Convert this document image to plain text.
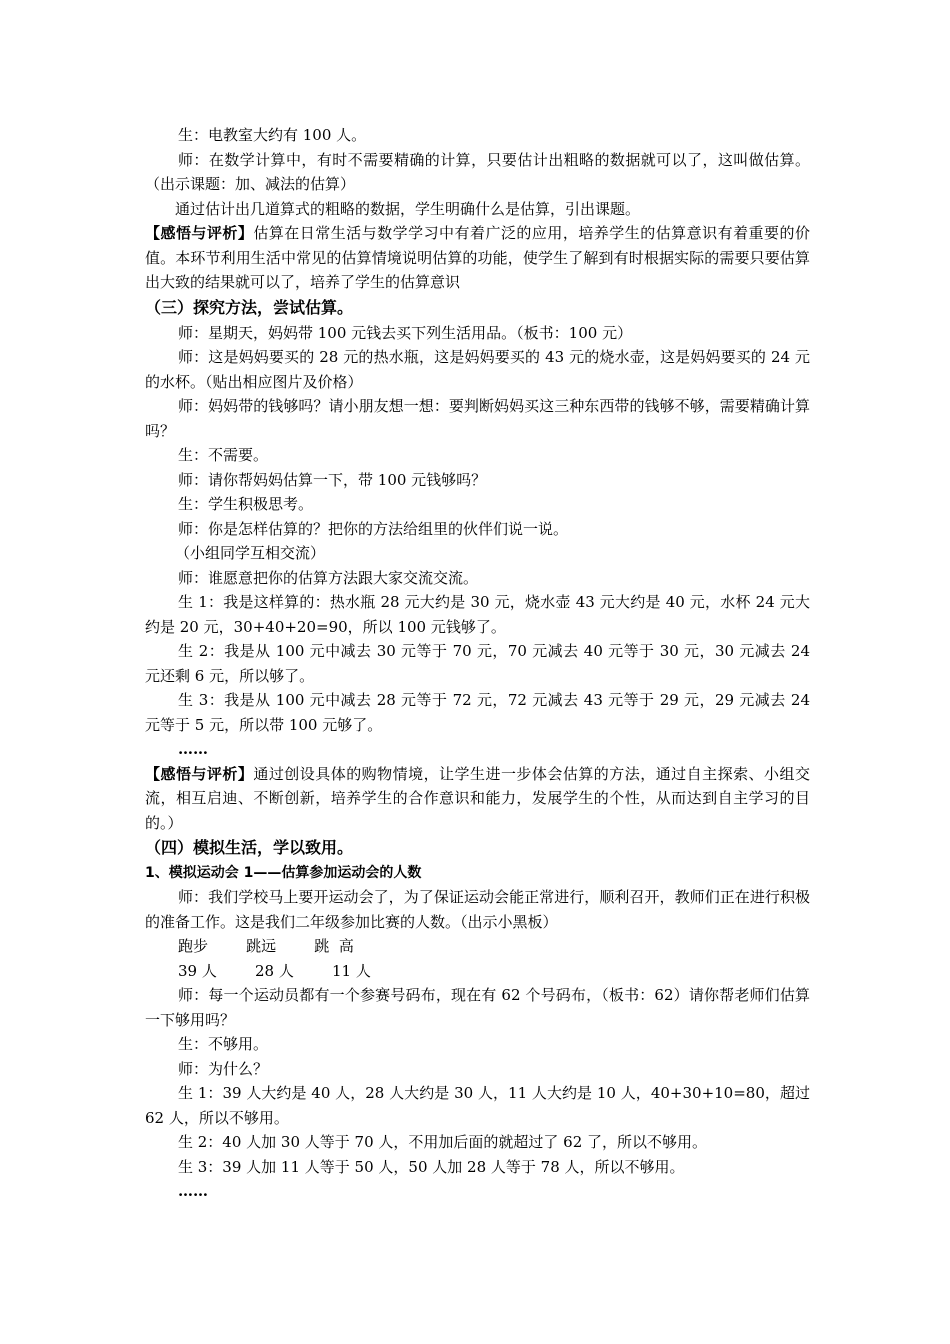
生：电教室大约有 100 人。

师：在数学计算中，有时不需要精确的计算，只要估计出粗略的数据就可以了，这叫做估算。（出示课题：加、减法的估算）

通过估计出几道算式的粗略的数据，学生明确什么是估算，引出课题。

【感悟与评析】估算在日常生活与数学学习中有着广泛的应用，培养学生的估算意识有着重要的价值。本环节利用生活中常见的估算情境说明估算的功能，使学生了解到有时根据实际的需要只要估算出大致的结果就可以了，培养了学生的估算意识

（三）探究方法，尝试估算。

师：星期天，妈妈带 100 元钱去买下列生活用品。（板书：100 元）

师：这是妈妈要买的 28 元的热水瓶，这是妈妈要买的 43 元的烧水壶，这是妈妈要买的 24 元的水杯。（贴出相应图片及价格）

师：妈妈带的钱够吗？请小朋友想一想：要判断妈妈买这三种东西带的钱够不够，需要精确计算吗？

生：不需要。

师：请你帮妈妈估算一下，带 100 元钱够吗？

生：学生积极思考。

师：你是怎样估算的？把你的方法给组里的伙伴们说一说。

（小组同学互相交流）

师：谁愿意把你的估算方法跟大家交流交流。

生 1：我是这样算的：热水瓶 28 元大约是 30 元，烧水壶 43 元大约是 40 元，水杯 24 元大约是 20 元，30+40+20=90，所以 100 元钱够了。

生 2：我是从 100 元中减去 30 元等于 70 元，70 元减去 40 元等于 30 元，30 元减去 24 元还剩 6 元，所以够了。

生 3：我是从 100 元中减去 28 元等于 72 元，72 元减去 43 元等于 29 元，29 元减去 24 元等于 5 元，所以带 100 元够了。

……

【感悟与评析】通过创设具体的购物情境，让学生进一步体会估算的方法，通过自主探索、小组交流，相互启迪、不断创新，培养学生的合作意识和能力，发展学生的个性，从而达到自主学习的目的。）

（四）模拟生活，学以致用。

1、模拟运动会 1——估算参加运动会的人数

师：我们学校马上要开运动会了，为了保证运动会能正常进行，顺利召开，教师们正在进行积极的准备工作。这是我们二年级参加比赛的人数。（出示小黑板）

跑步        跳远        跳  高

39 人        28 人        11 人

师：每一个运动员都有一个参赛号码布，现在有 62 个号码布，（板书：62）请你帮老师们估算一下够用吗？

生：不够用。

师：为什么？

生 1：39 人大约是 40 人，28 人大约是 30 人，11 人大约是 10 人，40+30+10=80，超过 62 人，所以不够用。

生 2：40 人加 30 人等于 70 人，不用加后面的就超过了 62 了，所以不够用。

生 3：39 人加 11 人等于 50 人，50 人加 28 人等于 78 人，所以不够用。

……
